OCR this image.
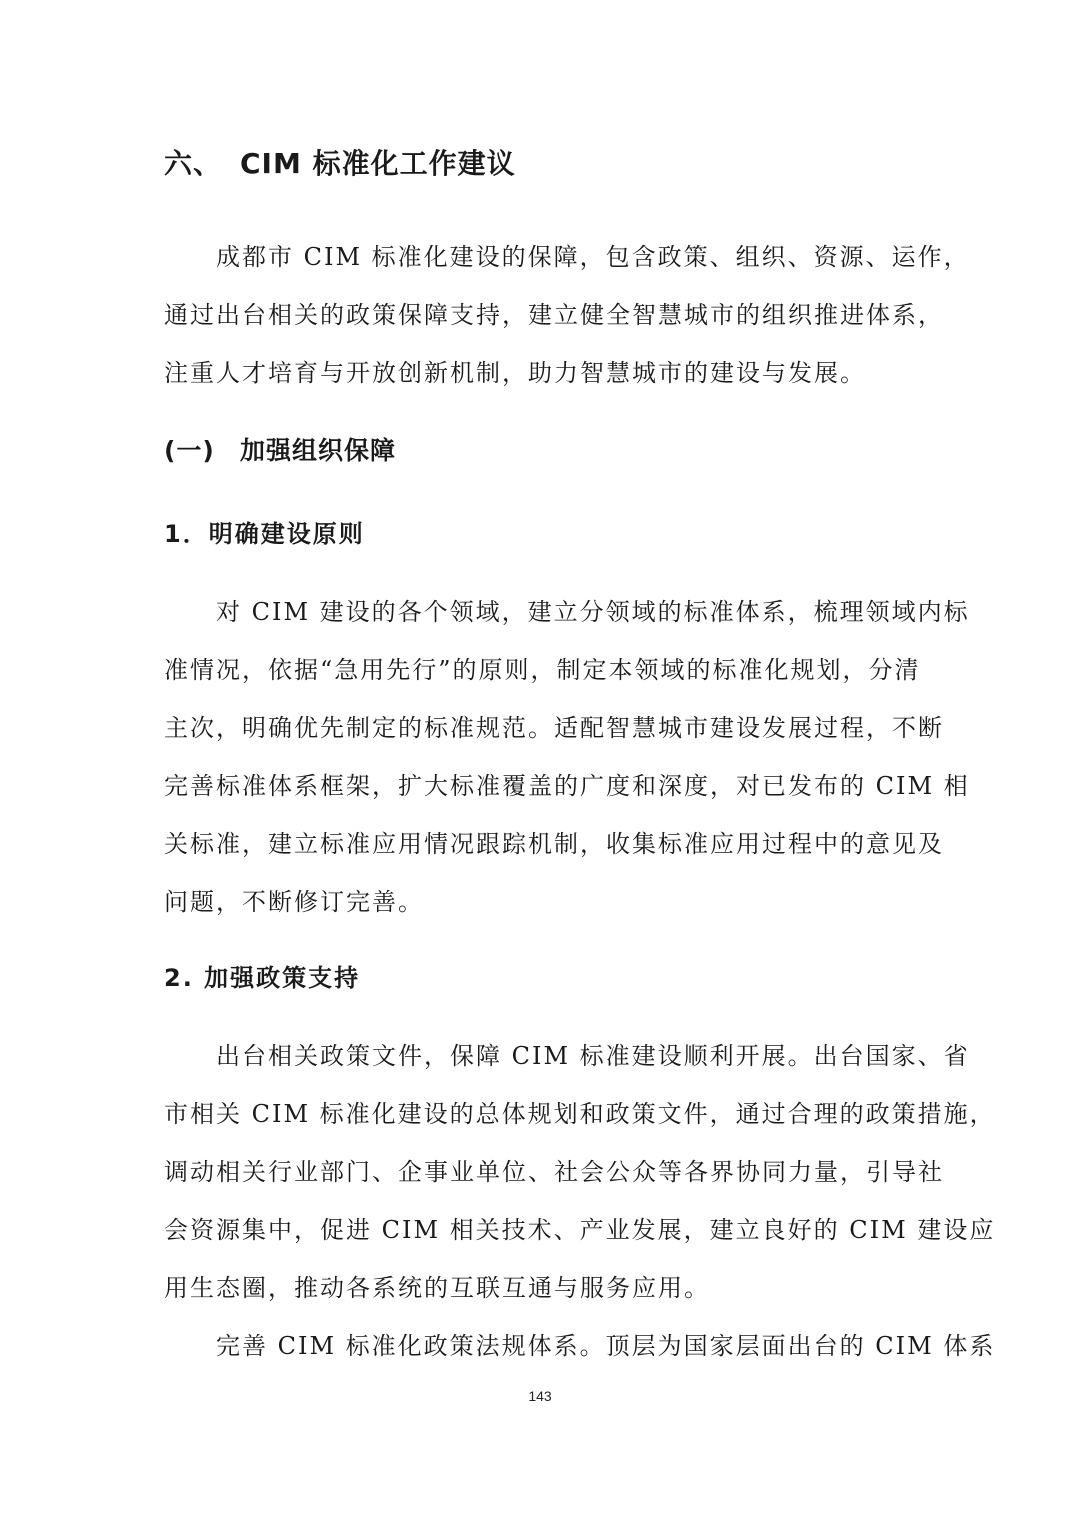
六、 CIM 标准化工作建议
成都市 CIM 标准化建设的保障，包含政策、组织、资源、运作，
通过出台相关的政策保障支持，建立健全智慧城市的组织推进体系，
注重人才培育与开放创新机制，助力智慧城市的建设与发展。
(一) 加强组织保障
1．明确建设原则
对 CIM 建设的各个领域，建立分领域的标准体系，梳理领域内标
准情况，依据“急用先行”的原则，制定本领域的标准化规划，分清
主次，明确优先制定的标准规范。适配智慧城市建设发展过程，不断
完善标准体系框架，扩大标准覆盖的广度和深度，对已发布的 CIM 相
关标准，建立标准应用情况跟踪机制，收集标准应用过程中的意见及
问题，不断修订完善。
2. 加强政策支持
出台相关政策文件，保障 CIM 标准建设顺利开展。出台国家、省
市相关 CIM 标准化建设的总体规划和政策文件，通过合理的政策措施，
调动相关行业部门、企事业单位、社会公众等各界协同力量，引导社
会资源集中，促进 CIM 相关技术、产业发展，建立良好的 CIM 建设应
用生态圈，推动各系统的互联互通与服务应用。
完善 CIM 标准化政策法规体系。顶层为国家层面出台的 CIM 体系
143
